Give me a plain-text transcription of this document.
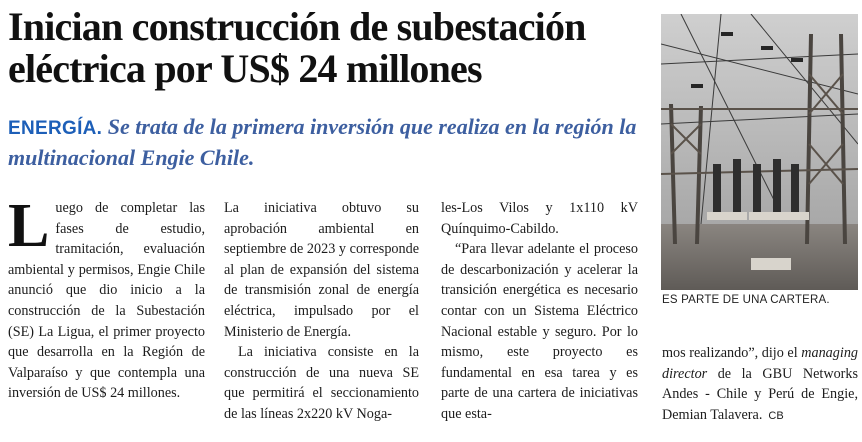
Inician construcción de subestación eléctrica por US$ 24 millones

ENERGÍA. Se trata de la primera inversión que realiza en la región la multinacional Engie Chile.

Luego de completar las fases de estudio, tramitación, evaluación ambiental y permisos, Engie Chile anunció que dio inicio a la construcción de la Subestación (SE) La Ligua, el primer proyecto que desarrolla en la Región de Valparaíso y que contempla una inversión de US$ 24 millones.

La iniciativa obtuvo su aprobación ambiental en septiembre de 2023 y corresponde al plan de expansión del sistema de transmisión zonal de energía eléctrica, impulsado por el Ministerio de Energía.

La iniciativa consiste en la construcción de una nueva SE que permitirá el seccionamiento de las líneas 2x220 kV Noga-

les-Los Vilos y 1x110 kV Quínquimo-Cabildo.

“Para llevar adelante el proceso de descarbonización y acelerar la transición energética es necesario contar con un Sistema Eléctrico Nacional estable y seguro. Por lo mismo, este proyecto es fundamental en esa tarea y es parte de una cartera de iniciativas que esta-

ES PARTE DE UNA CARTERA.

mos realizando”, dijo el managing director de la GBU Networks Andes - Chile y Perú de Engie, Demian Talavera. CB
